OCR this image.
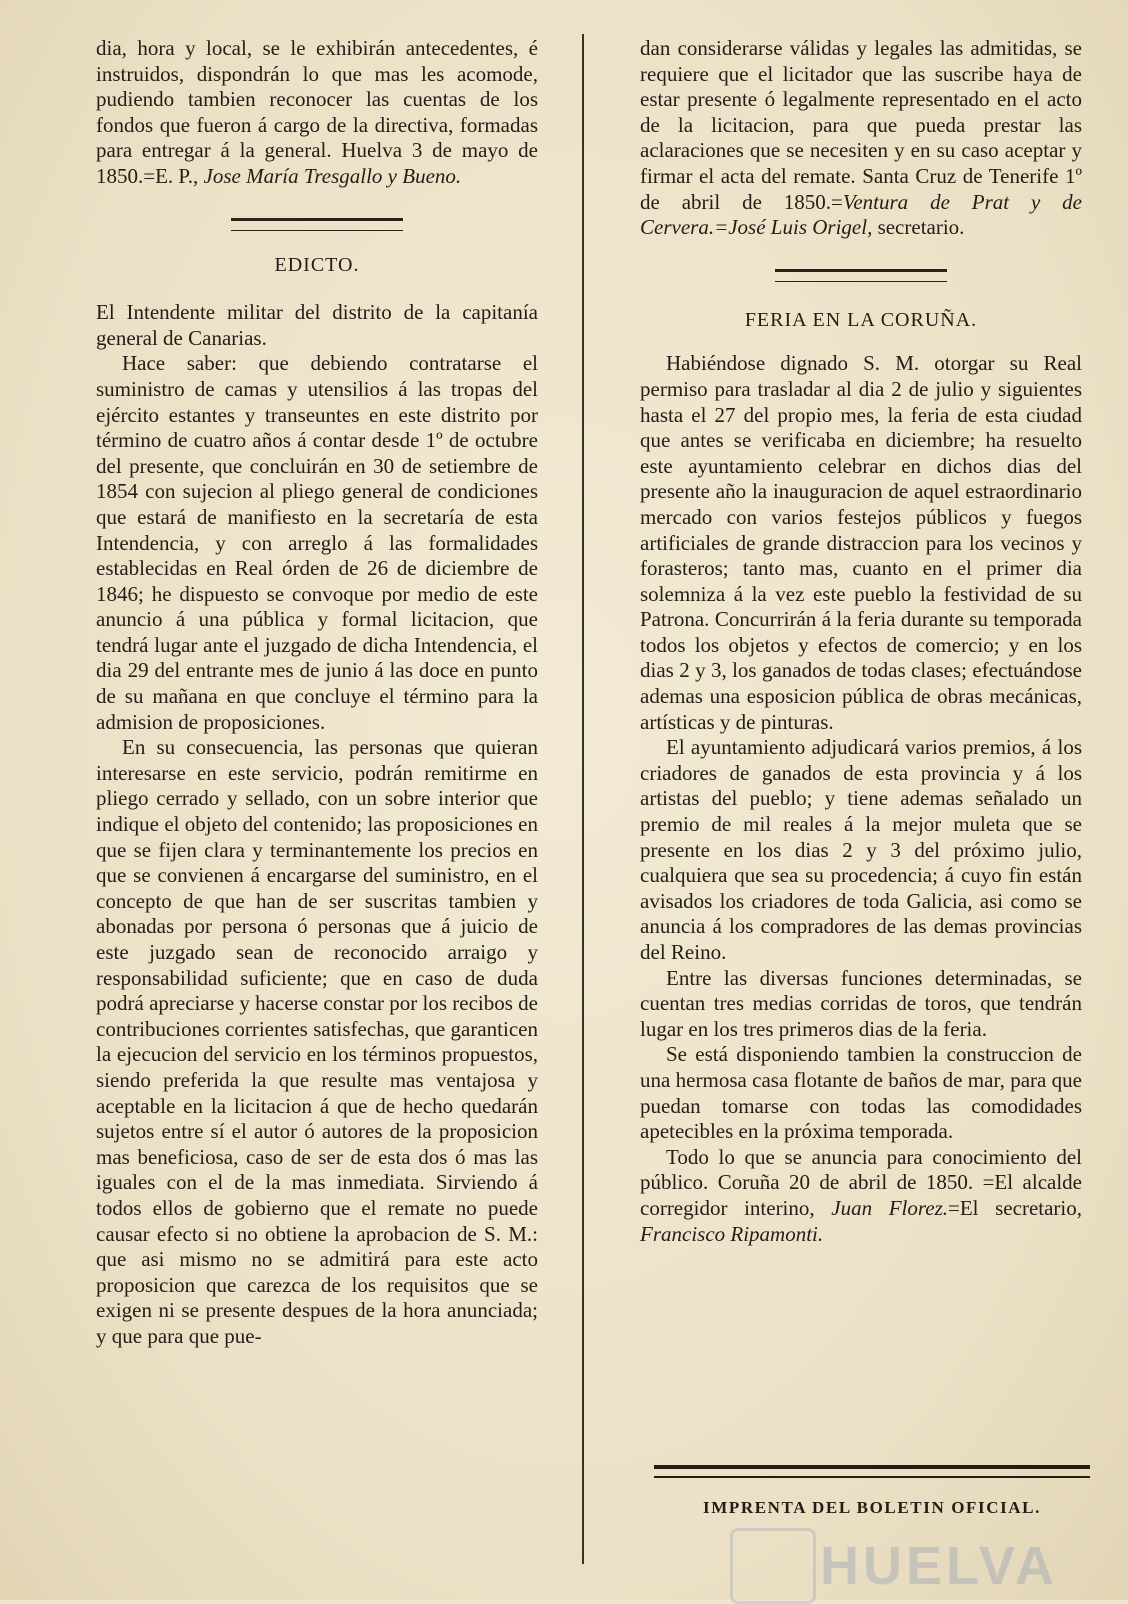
dia, hora y local, se le exhibirán antecedentes, é instruidos, dispondrán lo que mas les acomode, pudiendo tambien reconocer las cuentas de los fondos que fueron á cargo de la directiva, formadas para entregar á la general. Huelva 3 de mayo de 1850.=E. P., Jose María Tresgallo y Bueno.

EDICTO.

El Intendente militar del distrito de la capitanía general de Canarias.

Hace saber: que debiendo contratarse el suministro de camas y utensilios á las tropas del ejército estantes y transeuntes en este distrito por término de cuatro años á contar desde 1º de octubre del presente, que concluirán en 30 de setiembre de 1854 con sujecion al pliego general de condiciones que estará de manifiesto en la secretaría de esta Intendencia, y con arreglo á las formalidades establecidas en Real órden de 26 de diciembre de 1846; he dispuesto se convoque por medio de este anuncio á una pública y formal licitacion, que tendrá lugar ante el juzgado de dicha Intendencia, el dia 29 del entrante mes de junio á las doce en punto de su mañana en que concluye el término para la admision de proposiciones.

En su consecuencia, las personas que quieran interesarse en este servicio, podrán remitirme en pliego cerrado y sellado, con un sobre interior que indique el objeto del contenido; las proposiciones en que se fijen clara y terminantemente los precios en que se convienen á encargarse del suministro, en el concepto de que han de ser suscritas tambien y abonadas por persona ó personas que á juicio de este juzgado sean de reconocido arraigo y responsabilidad suficiente; que en caso de duda podrá apreciarse y hacerse constar por los recibos de contribuciones corrientes satisfechas, que garanticen la ejecucion del servicio en los términos propuestos, siendo preferida la que resulte mas ventajosa y aceptable en la licitacion á que de hecho quedarán sujetos entre sí el autor ó autores de la proposicion mas beneficiosa, caso de ser de esta dos ó mas las iguales con el de la mas inmediata. Sirviendo á todos ellos de gobierno que el remate no puede causar efecto si no obtiene la aprobacion de S. M.: que asi mismo no se admitirá para este acto proposicion que carezca de los requisitos que se exigen ni se presente despues de la hora anunciada; y que para que pue-

dan considerarse válidas y legales las admitidas, se requiere que el licitador que las suscribe haya de estar presente ó legalmente representado en el acto de la licitacion, para que pueda prestar las aclaraciones que se necesiten y en su caso aceptar y firmar el acta del remate. Santa Cruz de Tenerife 1º de abril de 1850.=Ventura de Prat y de Cervera.=José Luis Origel, secretario.

FERIA EN LA CORUÑA.

Habiéndose dignado S. M. otorgar su Real permiso para trasladar al dia 2 de julio y siguientes hasta el 27 del propio mes, la feria de esta ciudad que antes se verificaba en diciembre; ha resuelto este ayuntamiento celebrar en dichos dias del presente año la inauguracion de aquel estraordinario mercado con varios festejos públicos y fuegos artificiales de grande distraccion para los vecinos y forasteros; tanto mas, cuanto en el primer dia solemniza á la vez este pueblo la festividad de su Patrona. Concurrirán á la feria durante su temporada todos los objetos y efectos de comercio; y en los dias 2 y 3, los ganados de todas clases; efectuándose ademas una esposicion pública de obras mecánicas, artísticas y de pinturas.

El ayuntamiento adjudicará varios premios, á los criadores de ganados de esta provincia y á los artistas del pueblo; y tiene ademas señalado un premio de mil reales á la mejor muleta que se presente en los dias 2 y 3 del próximo julio, cualquiera que sea su procedencia; á cuyo fin están avisados los criadores de toda Galicia, asi como se anuncia á los compradores de las demas provincias del Reino.

Entre las diversas funciones determinadas, se cuentan tres medias corridas de toros, que tendrán lugar en los tres primeros dias de la feria.

Se está disponiendo tambien la construccion de una hermosa casa flotante de baños de mar, para que puedan tomarse con todas las comodidades apetecibles en la próxima temporada.

Todo lo que se anuncia para conocimiento del público. Coruña 20 de abril de 1850. =El alcalde corregidor interino, Juan Florez.=El secretario, Francisco Ripamonti.

IMPRENTA DEL BOLETIN OFICIAL.
HUELVA
